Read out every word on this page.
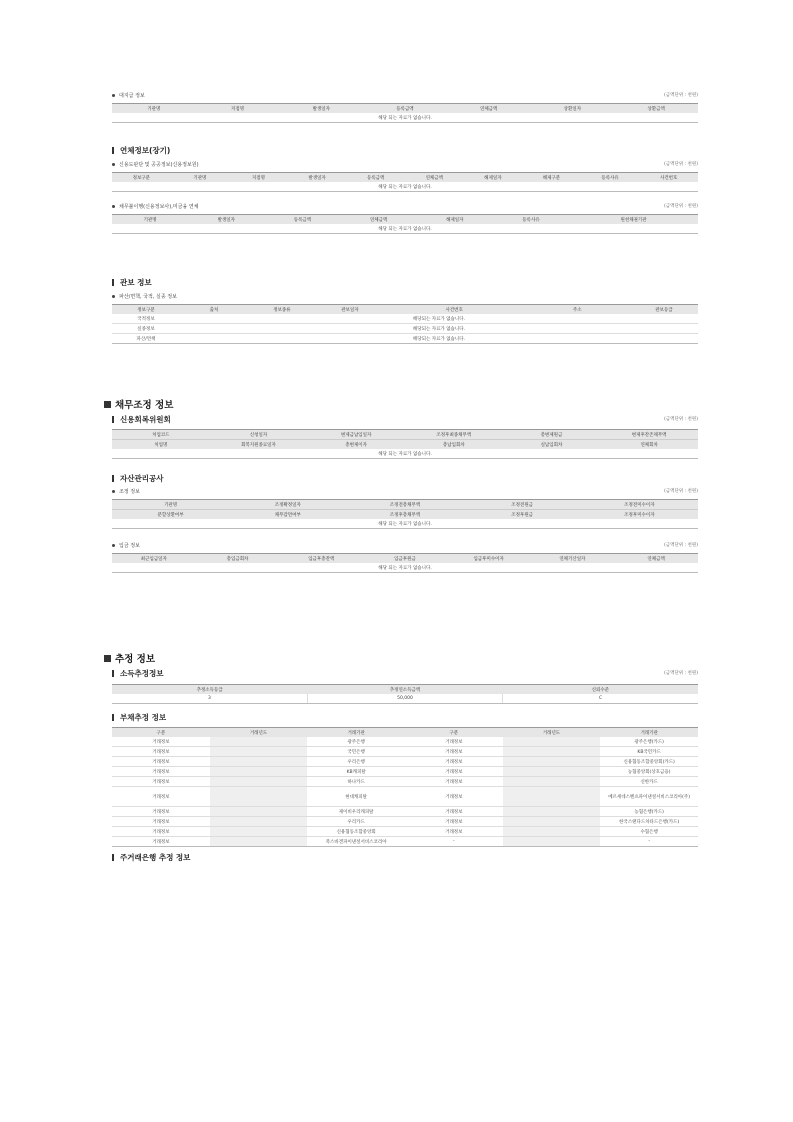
대지급 정보	(금액단위 : 천원)
기관명	지점명	발생일자	등록금액	연체금액	상환일자	상환금액
해당 되는 자료가 없습니다.
연체정보(장기)
신용도판단 및 공공정보(신용정보원)	(금액단위 : 천원)
정보구분	기관명	지점명	발생일자	등록금액	연체금액	해제일자	해제구분	등록사유	사건번호
해당 되는 자료가 없습니다.
채무불이행(신용정보사),미금융 연체	(금액단위 : 천원)
기관명	발생일자	등록금액	연체금액	해제일자	등록사유	원천채권기관
해당 되는 자료가 없습니다.
관보 정보
파산/면책, 국적, 실종 정보
정보구분	출처	정보종류	관보일자	사건번호	주소	관보등급
국적정보	해당되는 자료가 없습니다.					
실종정보	해당되는 자료가 없습니다.					
파산/면책	해당되는 자료가 없습니다.					
채무조정 정보
신용회복위원회	(금액단위 : 천원)
처업코드	신청일자	변제금납입일자	조정후최종채무액	총변제원금	변제후잔존채무액
처업명	회복지원종료일자	총변제이자	총납입회차	실납입회차	연체회차
해당 되는 자료가 없습니다.					
자산관리공사
조정 정보	(금액단위 : 천원)
기관명	조정확정일자	조정전총채무액	조정전원금	조정전미수이자
분할상환여부	채무감면여부	조정후총채무액	조정후원금	조정후미수이자
해당 되는 자료가 없습니다.				
입금 정보	(금액단위 : 천원)
최근입금일자	총입금회차	입금후총잔액	입금후원금	입금후미수이자	연체기산일자	연체금액
해당 되는 자료가 없습니다.
추정 정보
소득추정정보	(금액단위 : 천원)
추정소득등급	추정연소득금액	신뢰수준
3	50,000	C
부채추정 정보
구분	거래년도	거래기관	구분	거래년도	거래기관
거래정보		광주은행	거래정보		광주은행(카드)
거래정보		국민은행	거래정보		KB국민카드
거래정보		우리은행	거래정보		신용협동조합중앙회(카드)
거래정보		KB캐피탈	거래정보		농협중앙회(상호금융)
거래정보		하나카드	거래정보		신한카드
거래정보		현대캐피탈	거래정보		메르세데스벤츠파이낸셜서비스코리아(주)
거래정보		제이비우리캐피탈	거래정보		농협은행(카드)
거래정보		우리카드	거래정보		한국스탠다드차타드은행(카드)
거래정보		신용협동조합중앙회	거래정보		수협은행
거래정보		폭스바겐파이낸셜서비스코리아	-		-
주거래은행 추정 정보
